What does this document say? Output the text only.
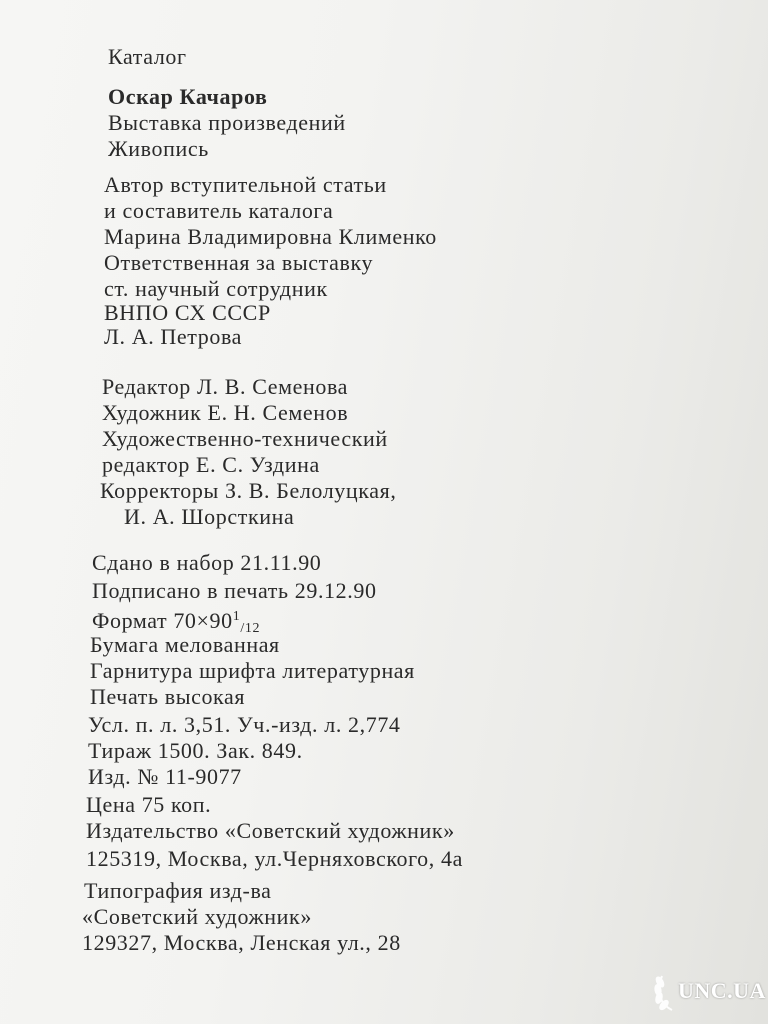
Каталог
Оскар Качаров
Выставка произведений
Живопись
Автор вступительной статьи
и составитель каталога
Марина Владимировна Клименко
Ответственная за выставку
ст. научный сотрудник
ВНПО СХ СССР
Л. А. Петрова
Редактор Л. В. Семенова
Художник Е. Н. Семенов
Художественно-технический
редактор Е. С. Уздина
Корректоры З. В. Белолуцкая,
И. А. Шорсткина
Сдано в набор 21.11.90
Подписано в печать 29.12.90
Формат $70\times 90^1/12$
Бумага мелованная
Гарнитура шрифта литературная
Печать высокая
Усл. п. л. 3,51. Уч.-изд. л. 2,774
Тираж 1500. Зак. 849.
Изд. № 11-9077
Цена 75 коп.
Издательство «Советский художник»
125319, Москва, ул.Черняховского, 4а
Типография изд-ва
«Советский художник»
129327, Москва, Ленская ул., 28
UNC.UA
